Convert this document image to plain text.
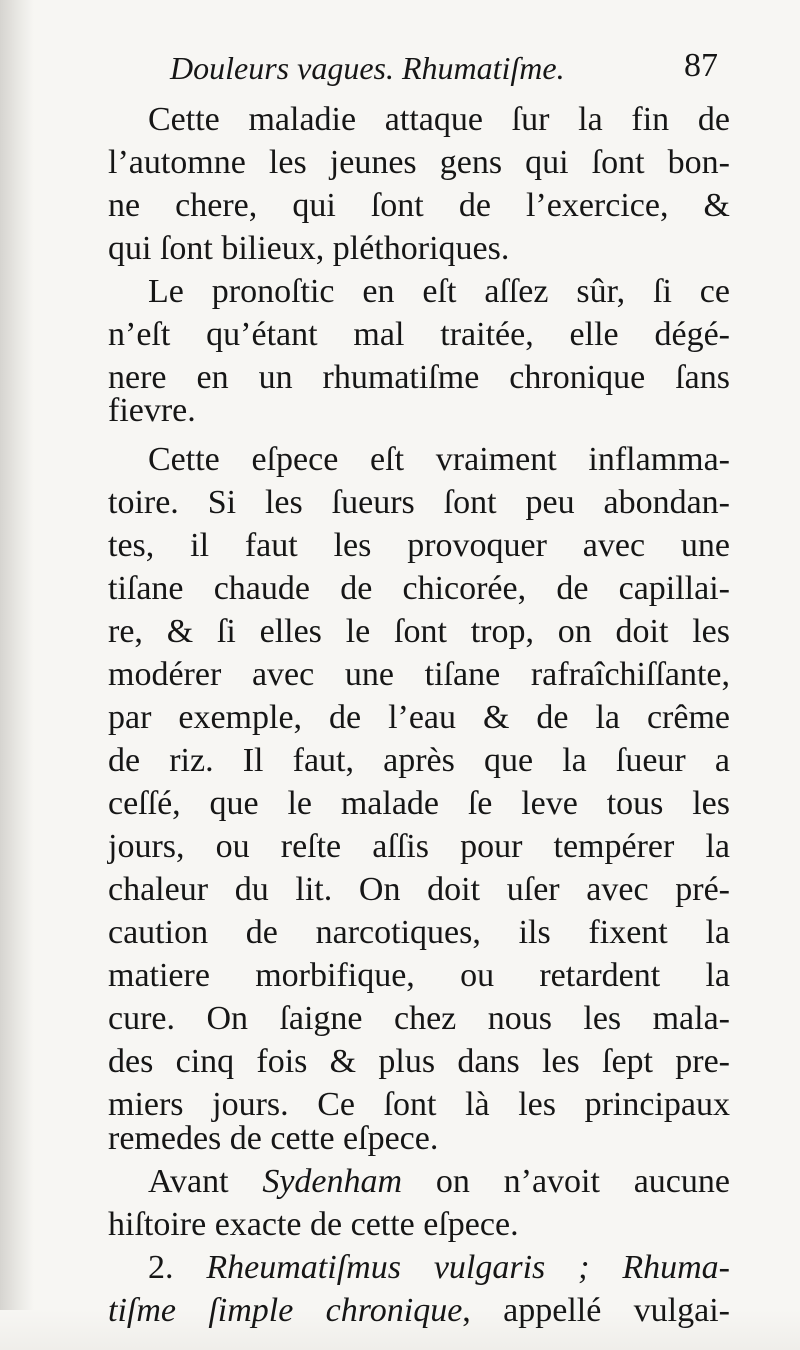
Douleurs vagues. Rhumatiſme.	87
Cette maladie attaque ſur la fin de
l’automne les jeunes gens qui ſont bon-
ne chere, qui ſont de l’exercice, &
qui ſont bilieux, pléthoriques.
Le pronoſtic en eſt aſſez sûr, ſi ce
n’eſt qu’étant mal traitée, elle dégé-
nere en un rhumatiſme chronique ſans
fievre.
Cette eſpece eſt vraiment inflamma-
toire. Si les ſueurs ſont peu abondan-
tes, il faut les provoquer avec une
tiſane chaude de chicorée, de capillai-
re, & ſi elles le ſont trop, on doit les
modérer avec une tiſane rafraîchiſſante,
par exemple, de l’eau & de la crême
de riz. Il faut, après que la ſueur a
ceſſé, que le malade ſe leve tous les
jours, ou reſte aſſis pour tempérer la
chaleur du lit. On doit uſer avec pré-
caution de narcotiques, ils fixent la
matiere morbifique, ou retardent la
cure. On ſaigne chez nous les mala-
des cinq fois & plus dans les ſept pre-
miers jours. Ce ſont là les principaux
remedes de cette eſpece.
Avant Sydenham on n’avoit aucune
hiſtoire exacte de cette eſpece.
2. Rheumatiſmus vulgaris ; Rhuma-
tiſme ſimple chronique, appellé vulgai-
